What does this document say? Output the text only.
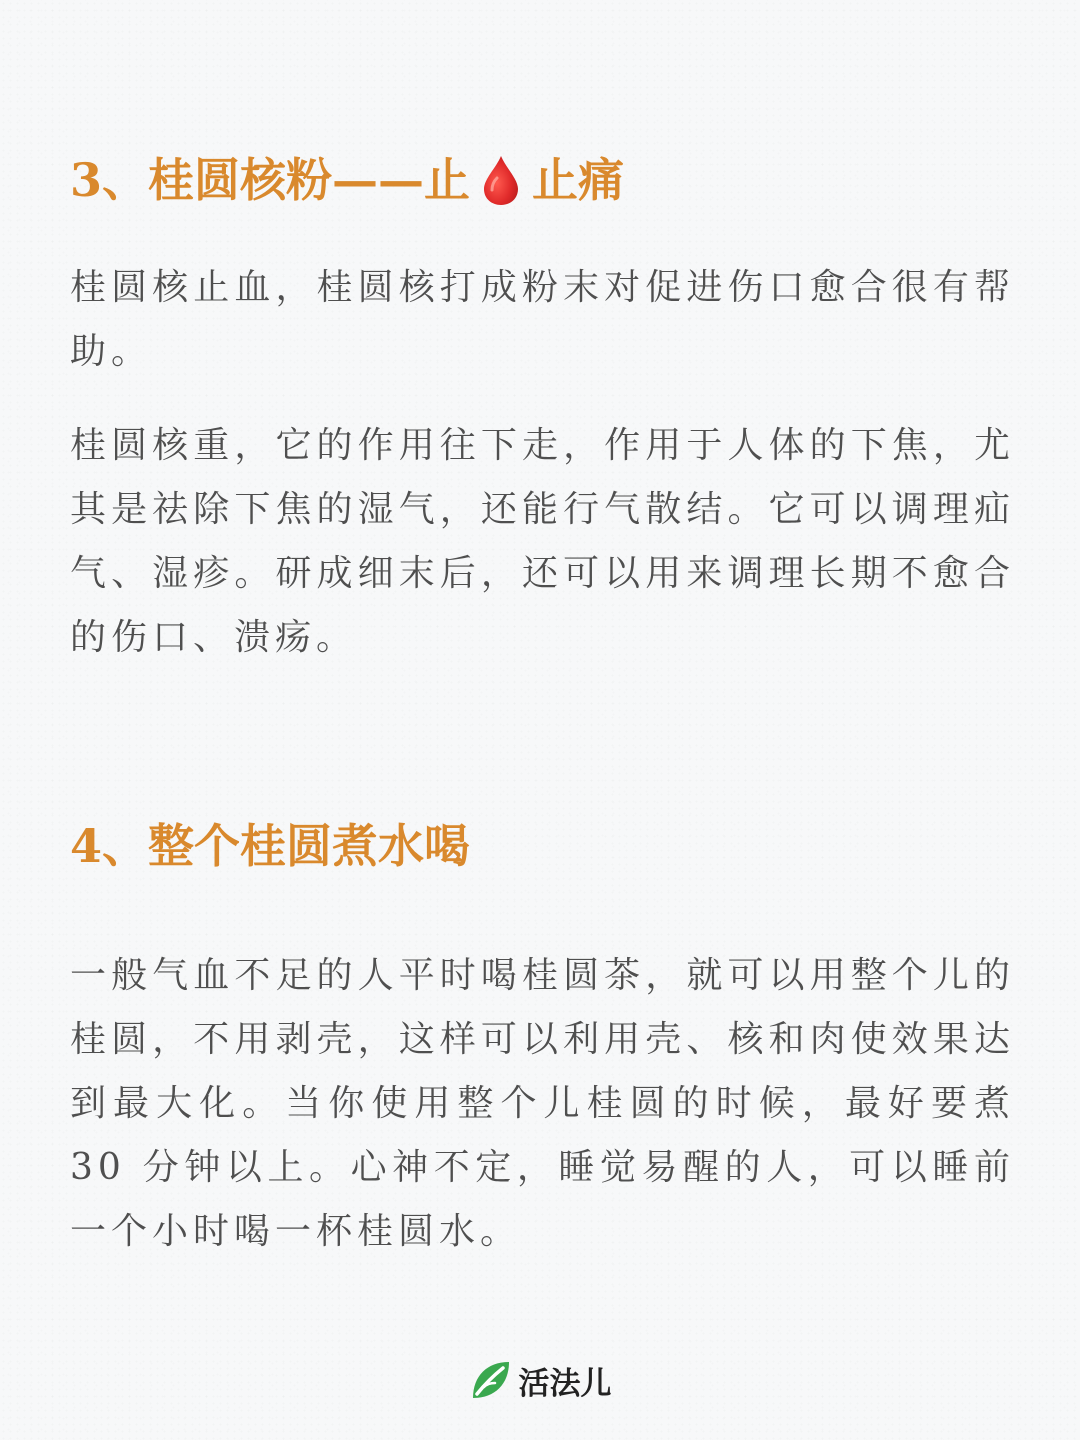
3、桂圆核粉——止 止痛

桂圆核止血，桂圆核打成粉末对促进伤口愈合很有帮助。

桂圆核重，它的作用往下走，作用于人体的下焦，尤其是祛除下焦的湿气，还能行气散结。它可以调理疝气、湿疹。研成细末后，还可以用来调理长期不愈合的伤口、溃疡。

4、整个桂圆煮水喝

一般气血不足的人平时喝桂圆茶，就可以用整个儿的桂圆，不用剥壳，这样可以利用壳、核和肉使效果达到最大化。当你使用整个儿桂圆的时候，最好要煮 30 分钟以上。心神不定，睡觉易醒的人，可以睡前一个小时喝一杯桂圆水。

活法儿
